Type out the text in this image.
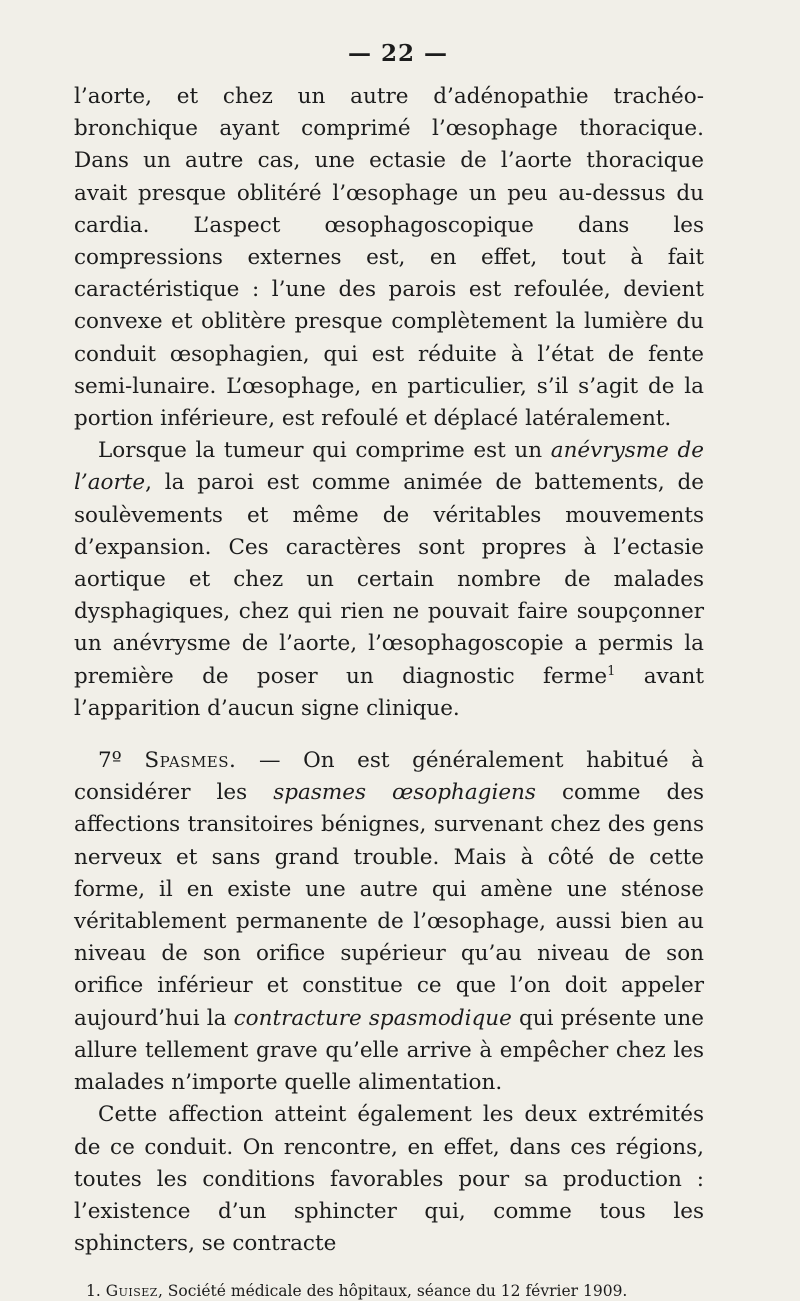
— 22 —

l’aorte, et chez un autre d’adénopathie trachéo-bronchique ayant comprimé l’œsophage thoracique. Dans un autre cas, une ectasie de l’aorte thoracique avait presque oblitéré l’œsophage un peu au-dessus du cardia. L’aspect œsophagoscopique dans les compressions externes est, en effet, tout à fait caractéristique : l’une des parois est refoulée, devient convexe et oblitère presque complètement la lumière du conduit œsophagien, qui est réduite à l’état de fente semi-lunaire. L’œsophage, en particulier, s’il s’agit de la portion inférieure, est refoulé et déplacé latéralement.

Lorsque la tumeur qui comprime est un anévrysme de l’aorte, la paroi est comme animée de battements, de soulèvements et même de véritables mouvements d’expansion. Ces caractères sont propres à l’ectasie aortique et chez un certain nombre de malades dysphagiques, chez qui rien ne pouvait faire soupçonner un anévrysme de l’aorte, l’œsophagoscopie a permis la première de poser un diagnostic ferme$^1$ avant l’apparition d’aucun signe clinique.

7º Spasmes. — On est généralement habitué à considérer les spasmes œsophagiens comme des affections transitoires bénignes, survenant chez des gens nerveux et sans grand trouble. Mais à côté de cette forme, il en existe une autre qui amène une sténose véritablement permanente de l’œsophage, aussi bien au niveau de son orifice supérieur qu’au niveau de son orifice inférieur et constitue ce que l’on doit appeler aujourd’hui la contracture spasmodique qui présente une allure tellement grave qu’elle arrive à empêcher chez les malades n’importe quelle alimentation.

Cette affection atteint également les deux extrémités de ce conduit. On rencontre, en effet, dans ces régions, toutes les conditions favorables pour sa production : l’existence d’un sphincter qui, comme tous les sphincters, se contracte

1. Guisez, Société médicale des hôpitaux, séance du 12 février 1909.
